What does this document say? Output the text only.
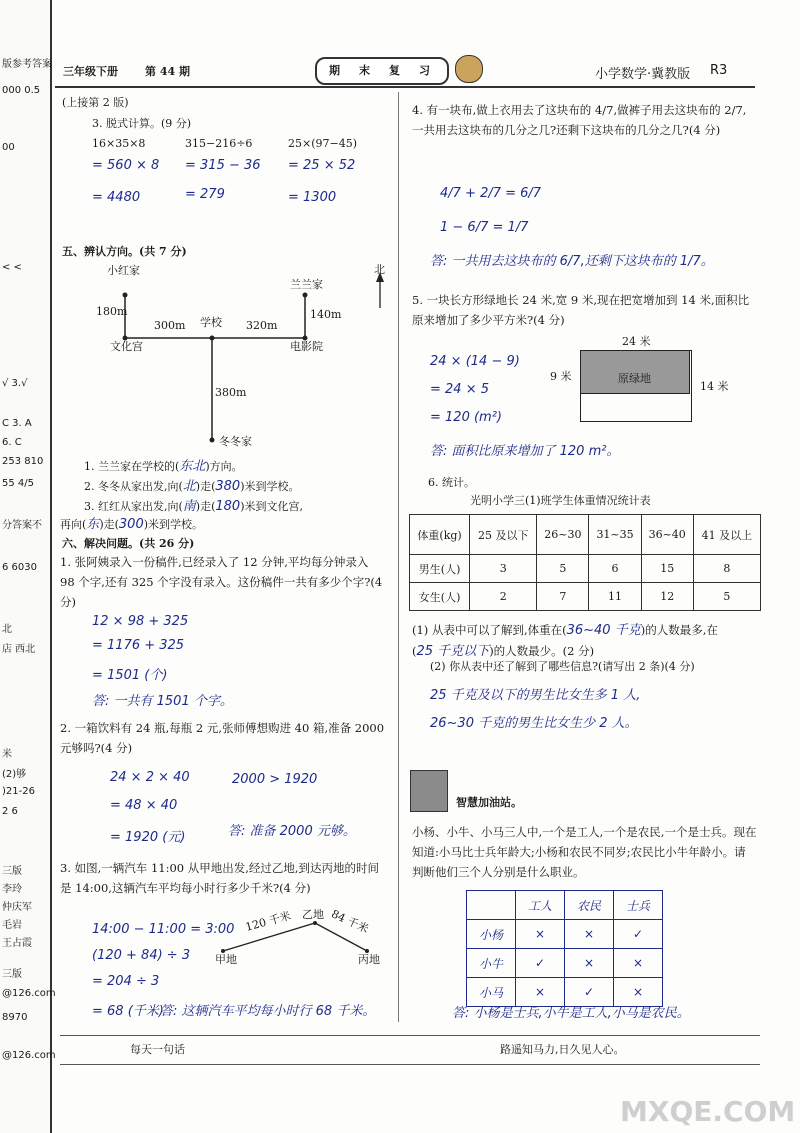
版参考答案
000 0.5
00
< <
√ 3.√
C 3. A
6. C
253 810
55 4/5
分答案不
6 6030
北
店 西北
米
(2)够
)21-26
2 6
三版
李玲
仲庆军
毛岩
王占霞
三版
@126.com
8970
@126.com
三年级下册 第 44 期	期 末 复 习	小学数学·冀教版 R3
(上接第 2 版)
3. 脱式计算。(9 分)
16×35×8	315−216÷6	25×(97−45)
= 560 × 8 = 315 − 36 = 25 × 52
= 4480	= 279	= 1300
五、辨认方向。(共 7 分)
小红家
兰兰家
北
180m	140m
300m 学校 320m
文化宫	电影院
380m
冬冬家
1. 兰兰家在学校的(东北)方向。
2. 冬冬从家出发,向(北)走(380)米到学校。
3. 红红从家出发,向(南)走(180)米到文化宫,
再向(东)走(300)米到学校。
六、解决问题。(共 26 分)
1. 张阿姨录入一份稿件,已经录入了 12 分钟,平均每分钟录入 98 个字,还有 325 个字没有录入。这份稿件一共有多少个字?(4 分)
12 × 98 + 325
= 1176 + 325
= 1501 (个)
答: 一共有 1501 个字。
2. 一箱饮料有 24 瓶,每瓶 2 元,张师傅想购进 40 箱,准备 2000 元够吗?(4 分)
24 × 2 × 40
= 48 × 40
= 1920 (元)
2000 > 1920
答: 准备 2000 元够。
3. 如图,一辆汽车 11:00 从甲地出发,经过乙地,到达丙地的时间是 14:00,这辆汽车平均每小时行多少千米?(4 分)
120 千米	84 千米
乙地
甲地	丙地
14:00 − 11:00 = 3:00
(120 + 84) ÷ 3
= 204 ÷ 3
= 68 (千米)
答: 这辆汽车平均每小时行 68 千米。
4. 有一块布,做上衣用去了这块布的 4/7,做裤子用去这块布的 2/7,一共用去这块布的几分之几?还剩下这块布的几分之几?(4 分)
4/7 + 2/7 = 6/7
1 − 6/7 = 1/7
答: 一共用去这块布的 6/7,还剩下这块布的 1/7。
5. 一块长方形绿地长 24 米,宽 9 米,现在把宽增加到 14 米,面积比原来增加了多少平方米?(4 分)
原绿地
24 米
9 米
14 米
24 × (14 − 9)
= 24 × 5
= 120 (m²)
答: 面积比原来增加了 120 m²。
6. 统计。
光明小学三(1)班学生体重情况统计表
体重(kg)	25 及以下	26~30	31~35	36~40	41 及以上
男生(人)	3	5	6	15	8
女生(人)	2	7	11	12	5
(1) 从表中可以了解到,体重在(36~40 千克)的人数最多,在(25 千克以下)的人数最少。(2 分)
(2) 你从表中还了解到了哪些信息?(请写出 2 条)(4 分)
25 千克及以下的男生比女生多 1 人,
26~30 千克的男生比女生少 2 人。
智慧加油站。
小杨、小牛、小马三人中,一个是工人,一个是农民,一个是士兵。现在知道:小马比士兵年龄大;小杨和农民不同岁;农民比小牛年龄小。请判断他们三个人分别是什么职业。
	工人	农民	士兵
小杨	×	×	✓
小牛	✓	×	×
小马	×	✓	×
答: 小杨是士兵,小牛是工人,小马是农民。
每天一句话	路遥知马力,日久见人心。
MXQE.COM
